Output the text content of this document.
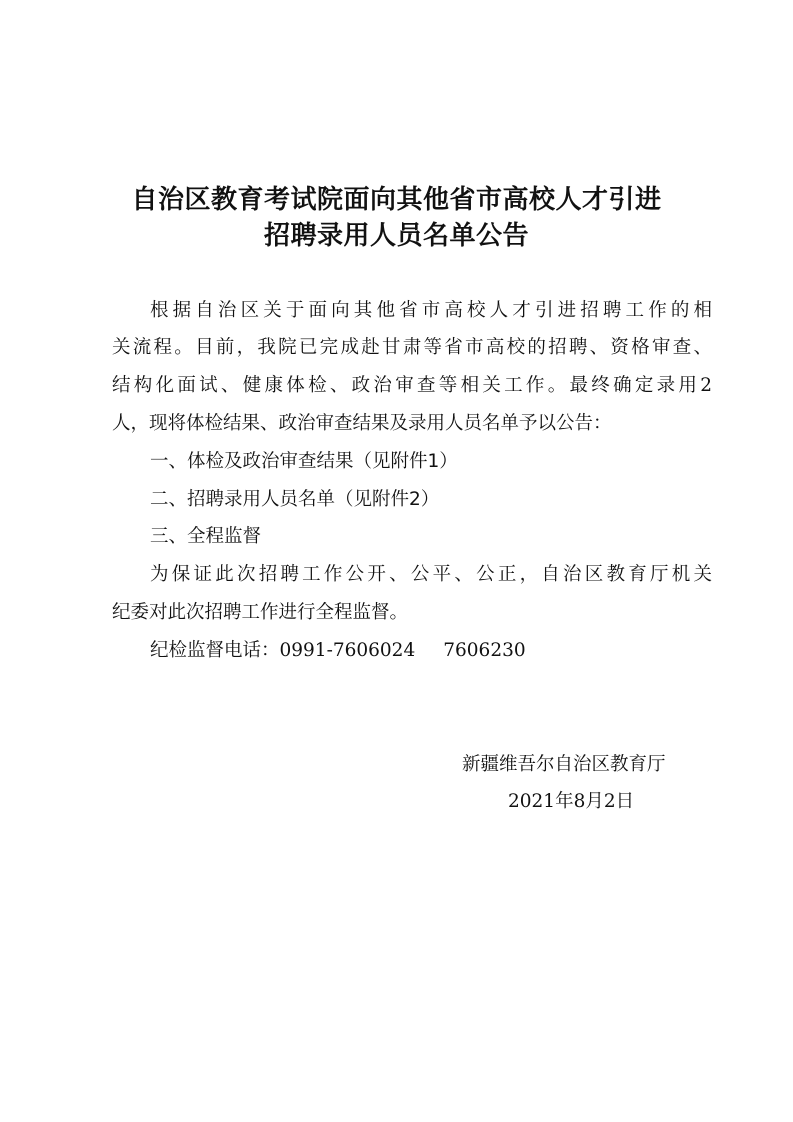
自治区教育考试院面向其他省市高校人才引进
招聘录用人员名单公告

根据自治区关于面向其他省市高校人才引进招聘工作的相

关流程。目前，我院已完成赴甘肃等省市高校的招聘、资格审查、

结构化面试、健康体检、政治审查等相关工作。最终确定录用2

人，现将体检结果、政治审查结果及录用人员名单予以公告：

一、体检及政治审查结果（见附件1）

二、招聘录用人员名单（见附件2）

三、全程监督

为保证此次招聘工作公开、公平、公正，自治区教育厅机关

纪委对此次招聘工作进行全程监督。

纪检监督电话：0991-7606024 7606230

新疆维吾尔自治区教育厅

2021年8月2日
